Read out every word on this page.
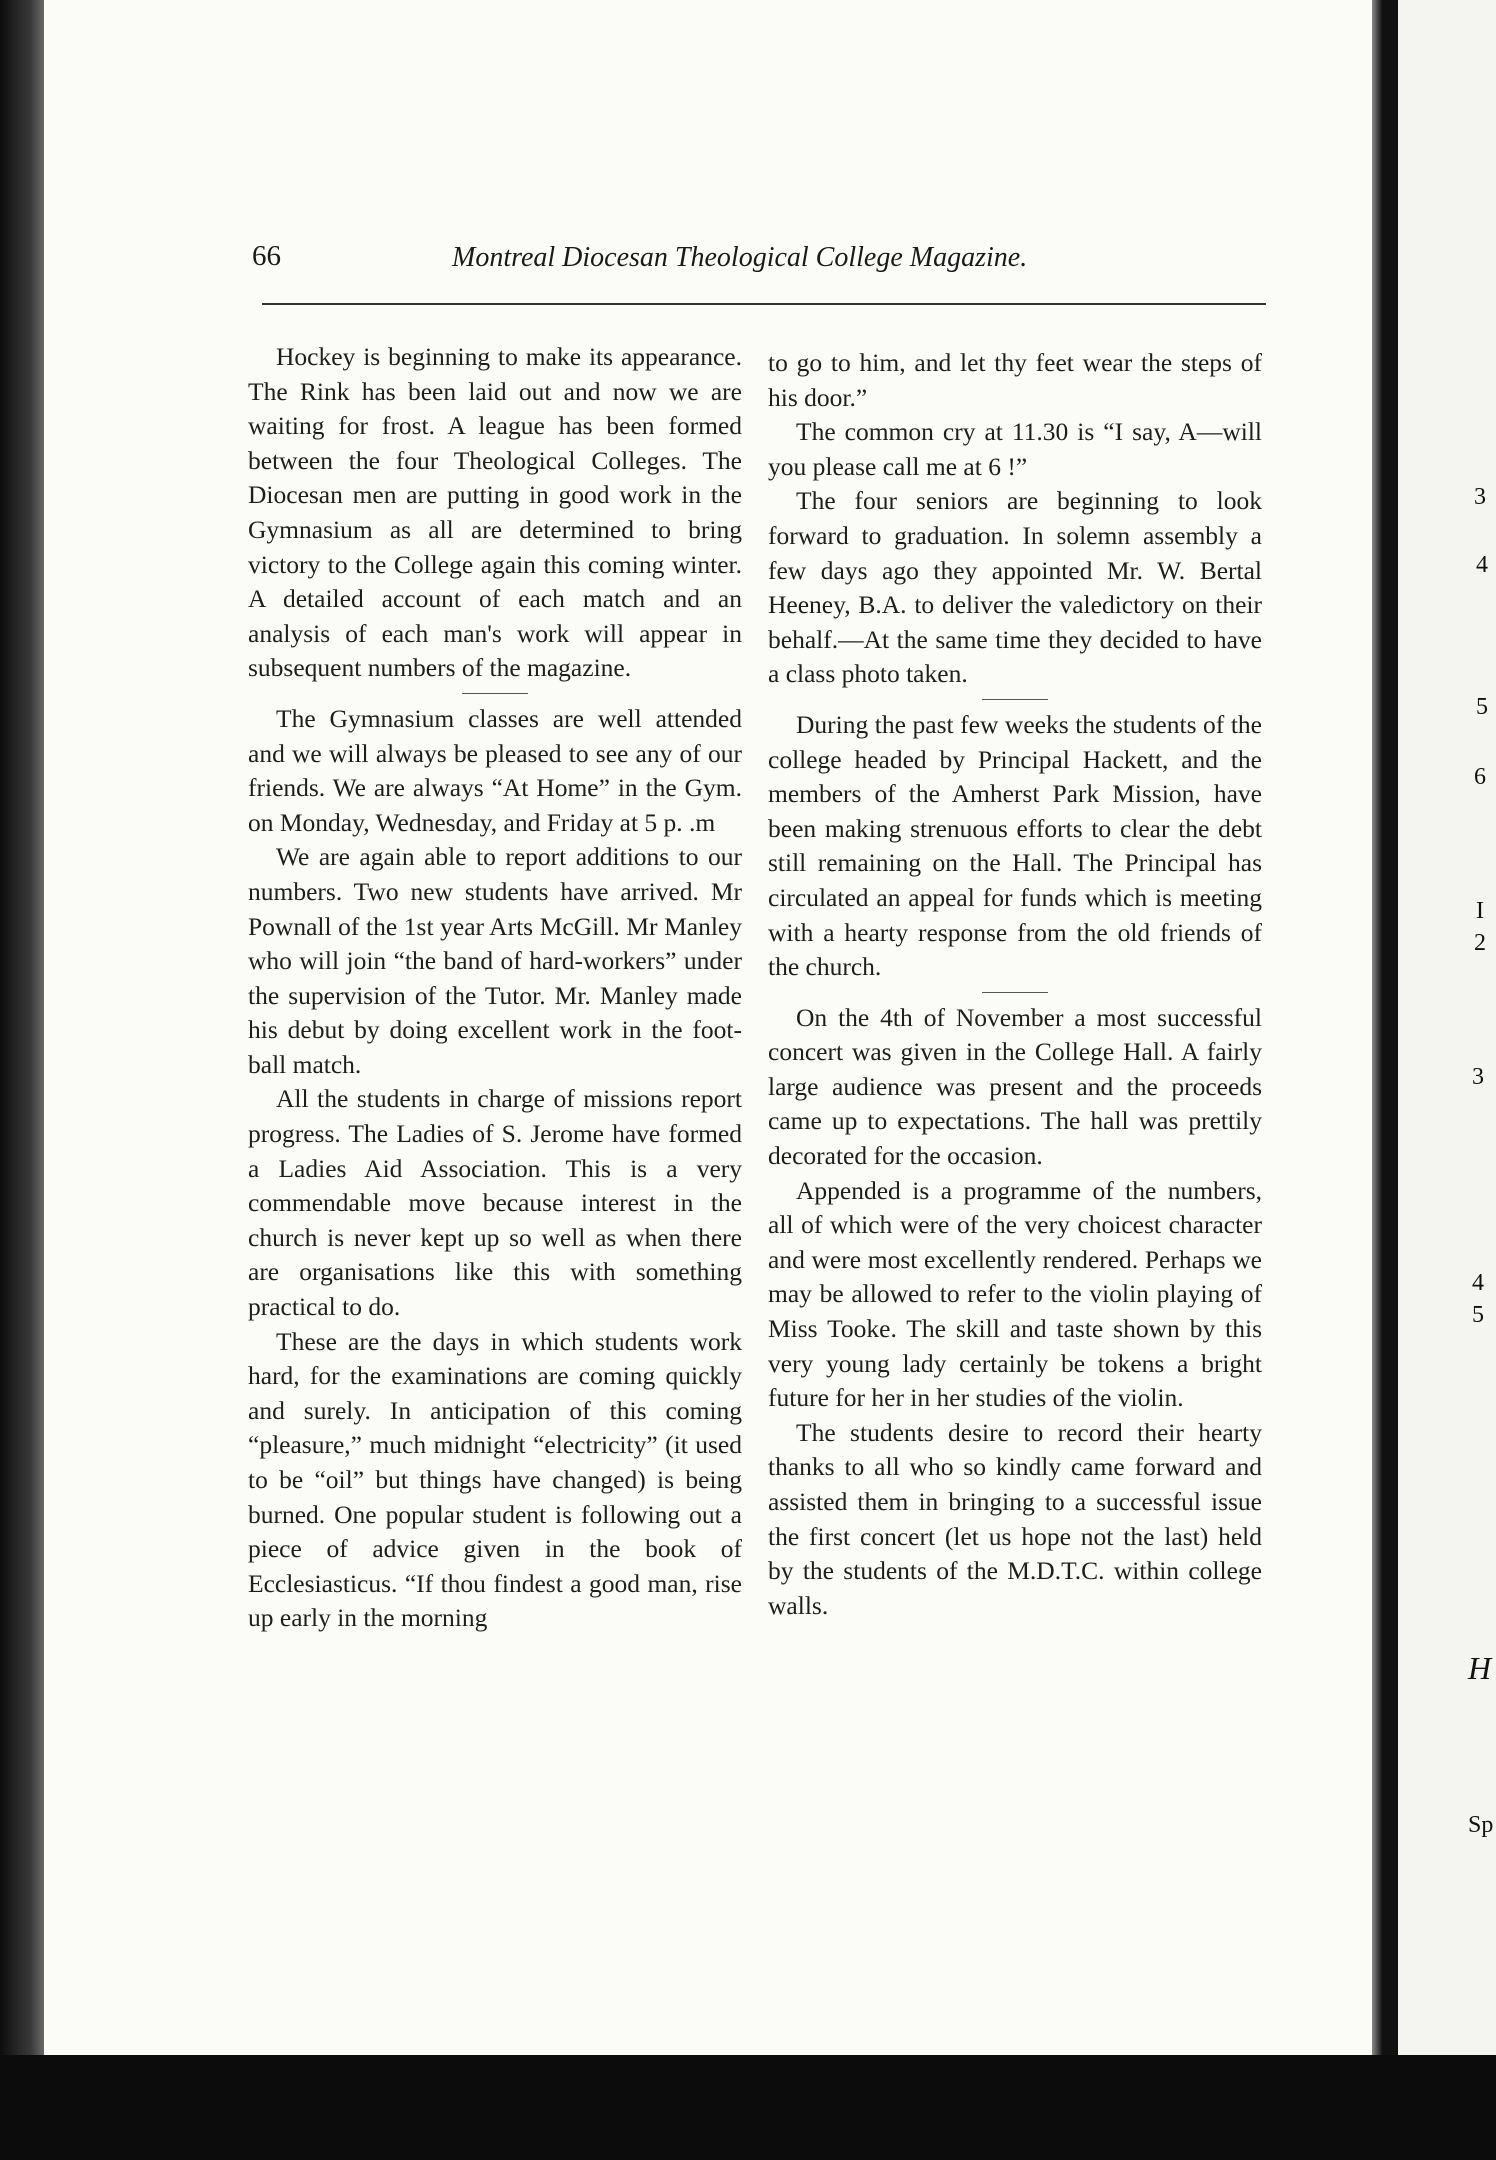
66	Montreal Diocesan Theological College Magazine.

Hockey is beginning to make its appearance. The Rink has been laid out and now we are waiting for frost. A league has been formed between the four Theological Colleges. The Diocesan men are putting in good work in the Gymnasium as all are determined to bring victory to the College again this coming winter. A detailed account of each match and an analysis of each man's work will appear in subsequent numbers of the magazine.

The Gymnasium classes are well attended and we will always be pleased to see any of our friends. We are always “At Home” in the Gym. on Monday, Wednesday, and Friday at 5 p. .m

We are again able to report additions to our numbers. Two new students have arrived. Mr Pownall of the 1st year Arts McGill. Mr Manley who will join “the band of hard-workers” under the supervision of the Tutor. Mr. Manley made his debut by doing excellent work in the foot-ball match.

All the students in charge of missions report progress. The Ladies of S. Jerome have formed a Ladies Aid Association. This is a very commendable move because interest in the church is never kept up so well as when there are organisations like this with something practical to do.

These are the days in which students work hard, for the examinations are coming quickly and surely. In anticipation of this coming “pleasure,” much midnight “electricity” (it used to be “oil” but things have changed) is being burned. One popular student is following out a piece of advice given in the book of Ecclesiasticus. “If thou findest a good man, rise up early in the morning

to go to him, and let thy feet wear the steps of his door.”

The common cry at 11.30 is “I say, A—will you please call me at 6 !”

The four seniors are beginning to look forward to graduation. In solemn assembly a few days ago they appointed Mr. W. Bertal Heeney, B.A. to deliver the valedictory on their behalf.—At the same time they decided to have a class photo taken.

During the past few weeks the students of the college headed by Principal Hackett, and the members of the Amherst Park Mission, have been making strenuous efforts to clear the debt still remaining on the Hall. The Principal has circulated an appeal for funds which is meeting with a hearty response from the old friends of the church.

On the 4th of November a most successful concert was given in the College Hall. A fairly large audience was present and the proceeds came up to expectations. The hall was prettily decorated for the occasion.

Appended is a programme of the numbers, all of which were of the very choicest character and were most excellently rendered. Perhaps we may be allowed to refer to the violin playing of Miss Tooke. The skill and taste shown by this very young lady certainly be tokens a bright future for her in her studies of the violin.

The students desire to record their hearty thanks to all who so kindly came forward and assisted them in bringing to a successful issue the first concert (let us hope not the last) held by the students of the M.D.T.C. within college walls.

3
4
5
6
I
2
3
4
5
H
Sp
